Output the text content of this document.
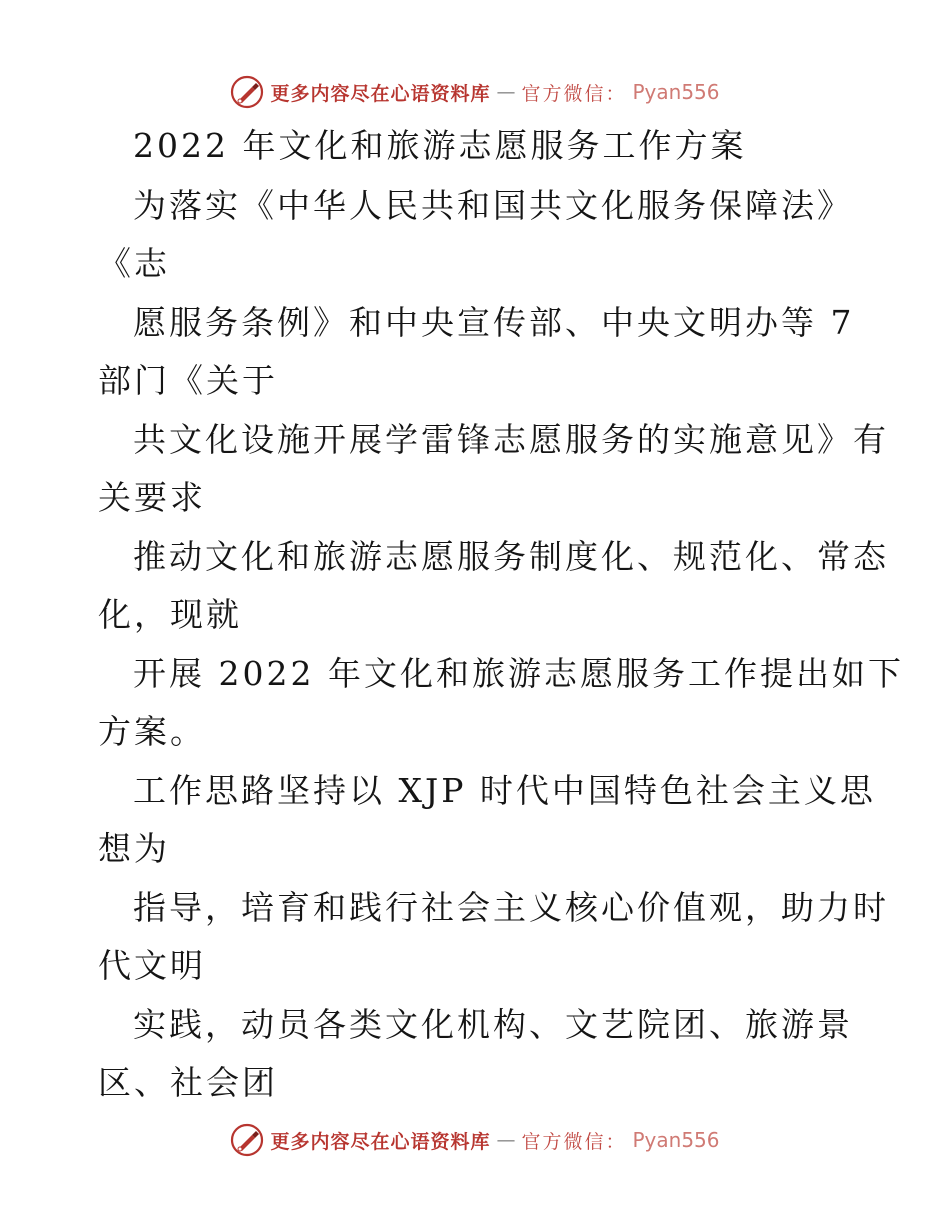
更多内容尽在心语资料库 — 官方微信： Pyan556
2022 年文化和旅游志愿服务工作方案
为落实《中华人民共和国共文化服务保障法》
《志
愿服务条例》和中央宣传部、中央文明办等 7
部门《关于
共文化设施开展学雷锋志愿服务的实施意见》有
关要求
推动文化和旅游志愿服务制度化、规范化、常态
化，现就
开展 2022 年文化和旅游志愿服务工作提出如下
方案。
工作思路坚持以 XJP 时代中国特色社会主义思
想为
指导，培育和践行社会主义核心价值观，助力时
代文明
实践，动员各类文化机构、文艺院团、旅游景
区、社会团
更多内容尽在心语资料库 — 官方微信： Pyan556
